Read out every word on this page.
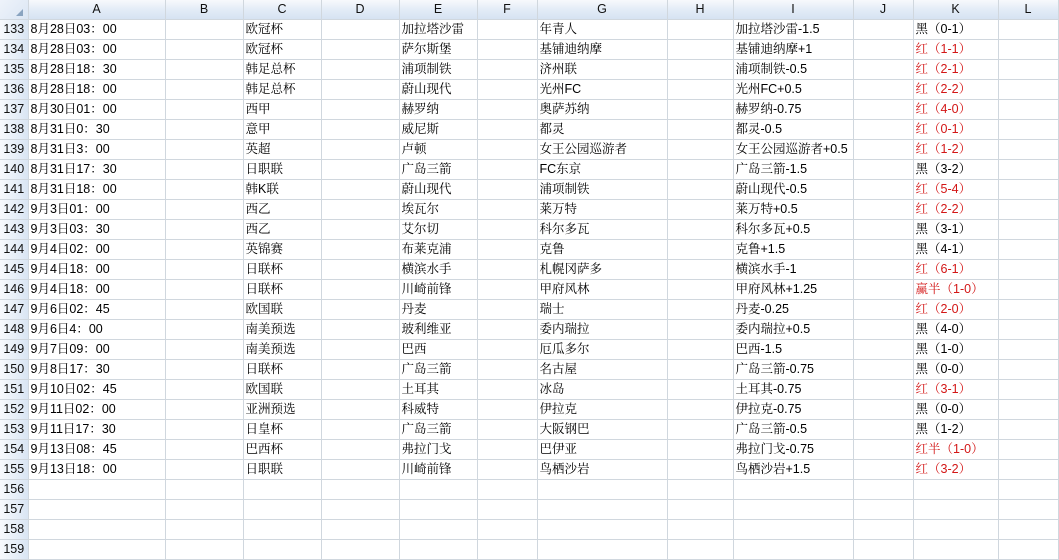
	A	B	C	D	E	F	G	H	I	J	K	L
133	8月28日03：00		欧冠杯		加拉塔沙雷		年青人		加拉塔沙雷-1.5		黑（0-1）	
134	8月28日03：00		欧冠杯		萨尔斯堡		基铺迪纳摩		基铺迪纳摩+1		红（1-1）	
135	8月28日18：30		韩足总杯		浦项制铁		济州联		浦项制铁-0.5		红（2-1）	
136	8月28日18：00		韩足总杯		蔚山现代		光州FC		光州FC+0.5		红（2-2）	
137	8月30日01：00		西甲		赫罗纳		奥萨苏纳		赫罗纳-0.75		红（4-0）	
138	8月31日0：30		意甲		威尼斯		都灵		都灵-0.5		红（0-1）	
139	8月31日3：00		英超		卢顿		女王公园巡游者		女王公园巡游者+0.5		红（1-2）	
140	8月31日17：30		日职联		广岛三箭		FC东京		广岛三箭-1.5		黑（3-2）	
141	8月31日18：00		韩K联		蔚山现代		浦项制铁		蔚山现代-0.5		红（5-4）	
142	9月3日01：00		西乙		埃瓦尔		莱万特		莱万特+0.5		红（2-2）	
143	9月3日03：30		西乙		艾尔切		科尔多瓦		科尔多瓦+0.5		黑（3-1）	
144	9月4日02：00		英锦赛		布莱克浦		克鲁		克鲁+1.5		黑（4-1）	
145	9月4日18：00		日联杯		横滨水手		札幌冈萨多		横滨水手-1		红（6-1）	
146	9月4日18：00		日联杯		川崎前锋		甲府风林		甲府风林+1.25		赢半（1-0）	
147	9月6日02：45		欧国联		丹麦		瑞士		丹麦-0.25		红（2-0）	
148	9月6日4：00		南美预选		玻利维亚		委内瑞拉		委内瑞拉+0.5		黑（4-0）	
149	9月7日09：00		南美预选		巴西		厄瓜多尔		巴西-1.5		黑（1-0）	
150	9月8日17：30		日联杯		广岛三箭		名古屋		广岛三箭-0.75		黑（0-0）	
151	9月10日02：45		欧国联		土耳其		冰岛		土耳其-0.75		红（3-1）	
152	9月11日02：00		亚洲预选		科威特		伊拉克		伊拉克-0.75		黑（0-0）	
153	9月11日17：30		日皇杯		广岛三箭		大阪钢巴		广岛三箭-0.5		黑（1-2）	
154	9月13日08：45		巴西杯		弗拉门戈		巴伊亚		弗拉门戈-0.75		红半（1-0）	
155	9月13日18：00		日职联		川崎前锋		鸟栖沙岩		鸟栖沙岩+1.5		红（3-2）	
156												
157												
158												
159												
